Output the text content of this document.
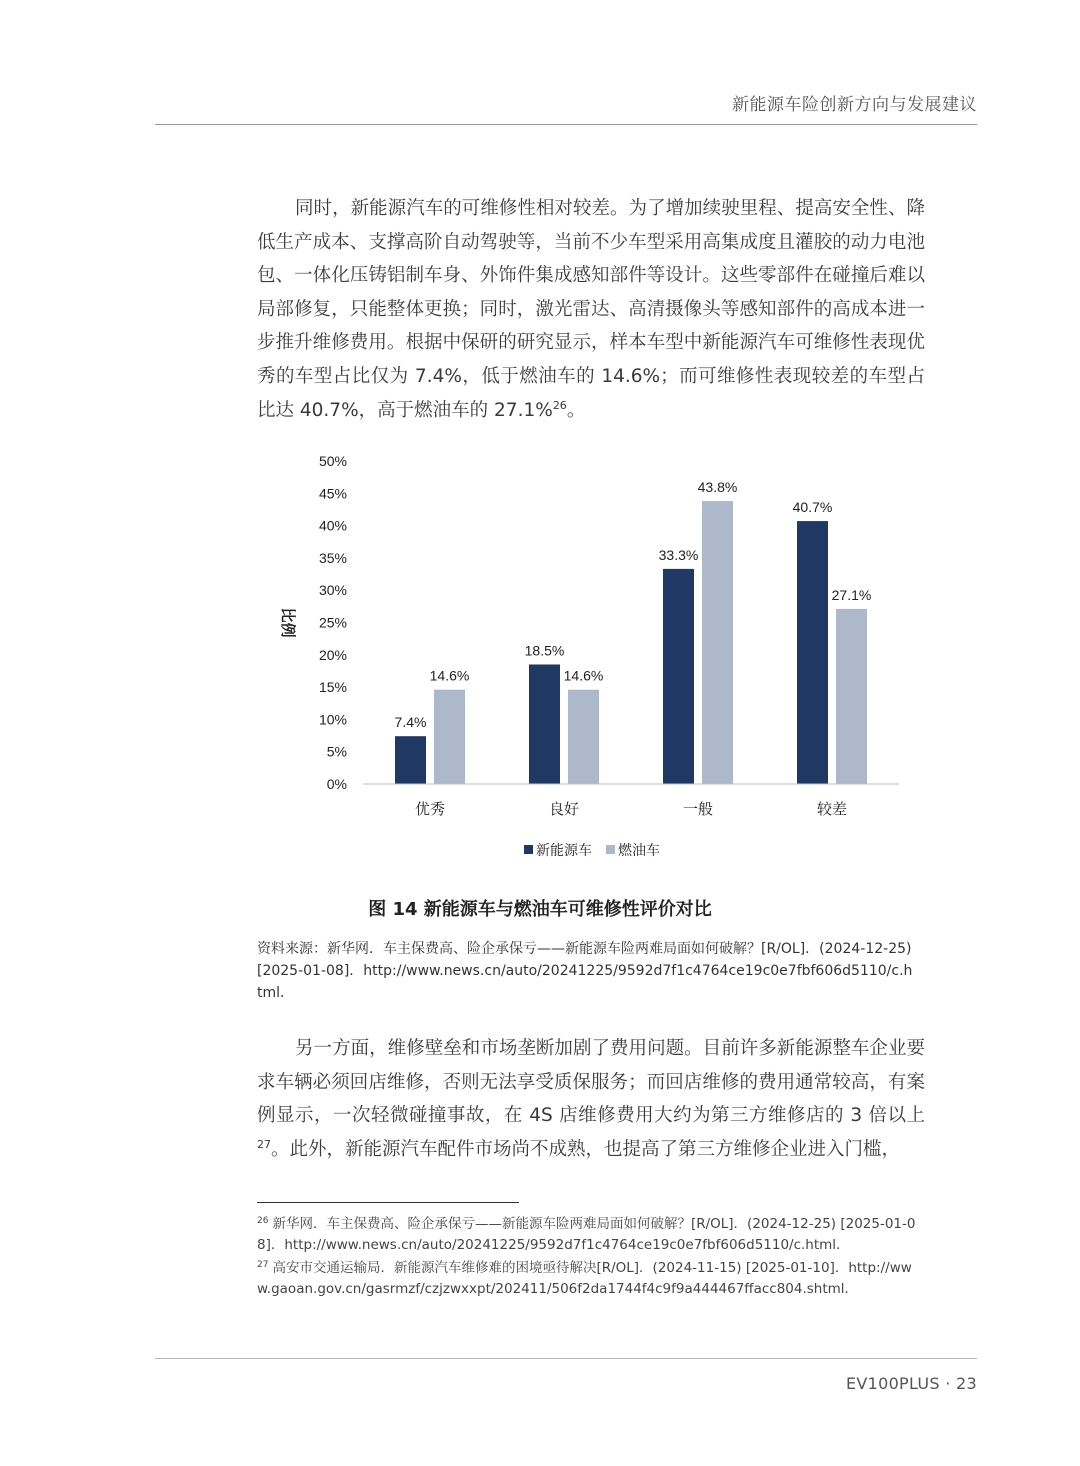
新能源车险创新方向与发展建议

同时，新能源汽车的可维修性相对较差。为了增加续驶里程、提高安全性、降低生产成本、支撑高阶自动驾驶等，当前不少车型采用高集成度且灌胶的动力电池包、一体化压铸铝制车身、外饰件集成感知部件等设计。这些零部件在碰撞后难以局部修复，只能整体更换；同时，激光雷达、高清摄像头等感知部件的高成本进一步推升维修费用。根据中保研的研究显示，样本车型中新能源汽车可维修性表现优秀的车型占比仅为 7.4%，低于燃油车的 14.6%；而可维修性表现较差的车型占比达 40.7%，高于燃油车的 27.1%$^{26}$。

0%
5%
10%
15%
20%
25%
30%
35%
40%
45%
50%
比例
7.4%
14.6%
18.5%
14.6%
33.3%
43.8%
40.7%
27.1%
优秀	良好	一般	较差
新能源车 燃油车

图 14 新能源车与燃油车可维修性评价对比

资料来源：新华网．车主保费高、险企承保亏——新能源车险两难局面如何破解？[R/OL]．(2024-12-25) [2025-01-08]．http://www.news.cn/auto/20241225/9592d7f1c4764ce19c0e7fbf606d5110/c.html．

另一方面，维修壁垒和市场垄断加剧了费用问题。目前许多新能源整车企业要求车辆必须回店维修，否则无法享受质保服务；而回店维修的费用通常较高，有案例显示，一次轻微碰撞事故，在 4S 店维修费用大约为第三方维修店的 3 倍以上$^{27}$。此外，新能源汽车配件市场尚不成熟，也提高了第三方维修企业进入门槛，

$^{26}$ 新华网．车主保费高、险企承保亏——新能源车险两难局面如何破解？[R/OL]．(2024-12-25) [2025-01-08]．http://www.news.cn/auto/20241225/9592d7f1c4764ce19c0e7fbf606d5110/c.html．

$^{27}$ 高安市交通运输局．新能源汽车维修难的困境亟待解决[R/OL]．(2024-11-15) [2025-01-10]．http://www.gaoan.gov.cn/gasrmzf/czjzwxxpt/202411/506f2da1744f4c9f9a444467ffacc804.shtml．

EV100PLUS · 23
